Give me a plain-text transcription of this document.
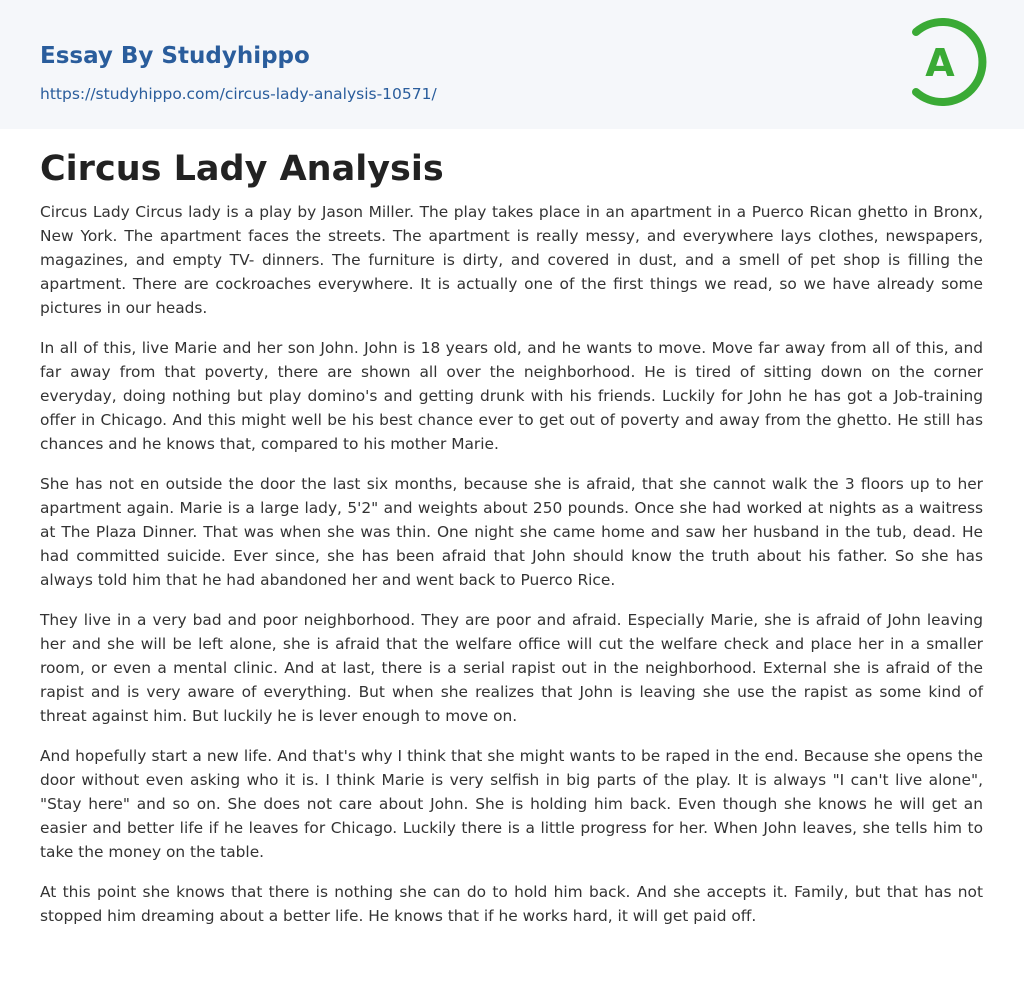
Essay By Studyhippo
https://studyhippo.com/circus-lady-analysis-10571/
A
Circus Lady Analysis

Circus Lady Circus lady is a play by Jason Miller. The play takes place in an apartment in a Puerco Rican ghetto in Bronx, New York. The apartment faces the streets. The apartment is really messy, and everywhere lays clothes, newspapers, magazines, and empty TV- dinners. The furniture is dirty, and covered in dust, and a smell of pet shop is filling the apartment. There are cockroaches everywhere. It is actually one of the first things we read, so we have already some pictures in our heads.

In all of this, live Marie and her son John. John is 18 years old, and he wants to move. Move far away from all of this, and far away from that poverty, there are shown all over the neighborhood. He is tired of sitting down on the corner everyday, doing nothing but play domino's and getting drunk with his friends. Luckily for John he has got a Job-training offer in Chicago. And this might well be his best chance ever to get out of poverty and away from the ghetto. He still has chances and he knows that, compared to his mother Marie.

She has not en outside the door the last six months, because she is afraid, that she cannot walk the 3 floors up to her apartment again. Marie is a large lady, 5'2" and weights about 250 pounds. Once she had worked at nights as a waitress at The Plaza Dinner. That was when she was thin. One night she came home and saw her husband in the tub, dead. He had committed suicide. Ever since, she has been afraid that John should know the truth about his father. So she has always told him that he had abandoned her and went back to Puerco Rice.

They live in a very bad and poor neighborhood. They are poor and afraid. Especially Marie, she is afraid of John leaving her and she will be left alone, she is afraid that the welfare office will cut the welfare check and place her in a smaller room, or even a mental clinic. And at last, there is a serial rapist out in the neighborhood. External she is afraid of the rapist and is very aware of everything. But when she realizes that John is leaving she use the rapist as some kind of threat against him. But luckily he is lever enough to move on.

And hopefully start a new life. And that's why I think that she might wants to be raped in the end. Because she opens the door without even asking who it is. I think Marie is very selfish in big parts of the play. It is always "I can't live alone", "Stay here" and so on. She does not care about John. She is holding him back. Even though she knows he will get an easier and better life if he leaves for Chicago. Luckily there is a little progress for her. When John leaves, she tells him to take the money on the table.

At this point she knows that there is nothing she can do to hold him back. And she accepts it. Family, but that has not stopped him dreaming about a better life. He knows that if he works hard, it will get paid off.
